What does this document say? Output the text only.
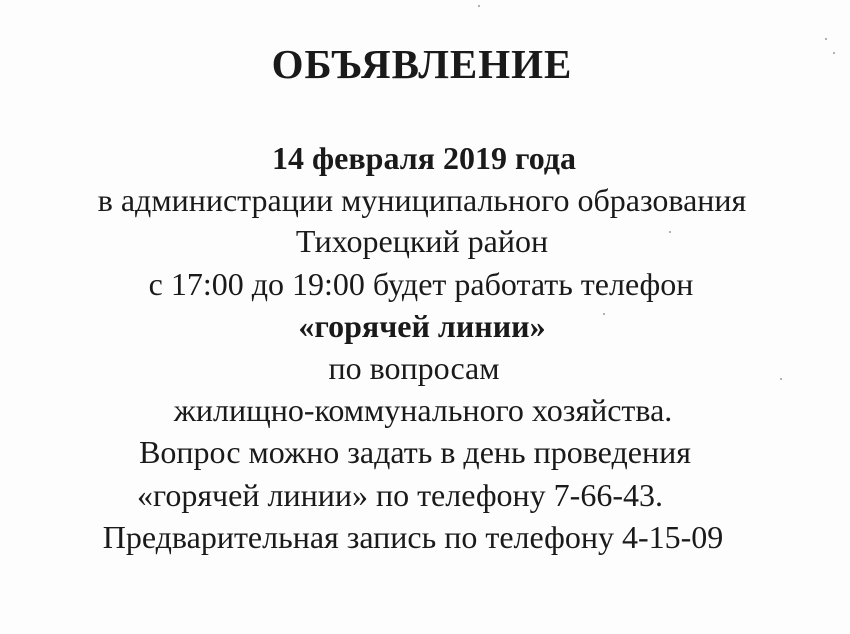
ОБЪЯВЛЕНИЕ
14 февраля 2019 года
в администрации муниципального образования
Тихорецкий район
с 17:00 до 19:00 будет работать телефон
«горячей линии»
по вопросам
жилищно-коммунального хозяйства.
Вопрос можно задать в день проведения
«горячей линии» по телефону 7-66-43.
Предварительная запись по телефону 4-15-09
